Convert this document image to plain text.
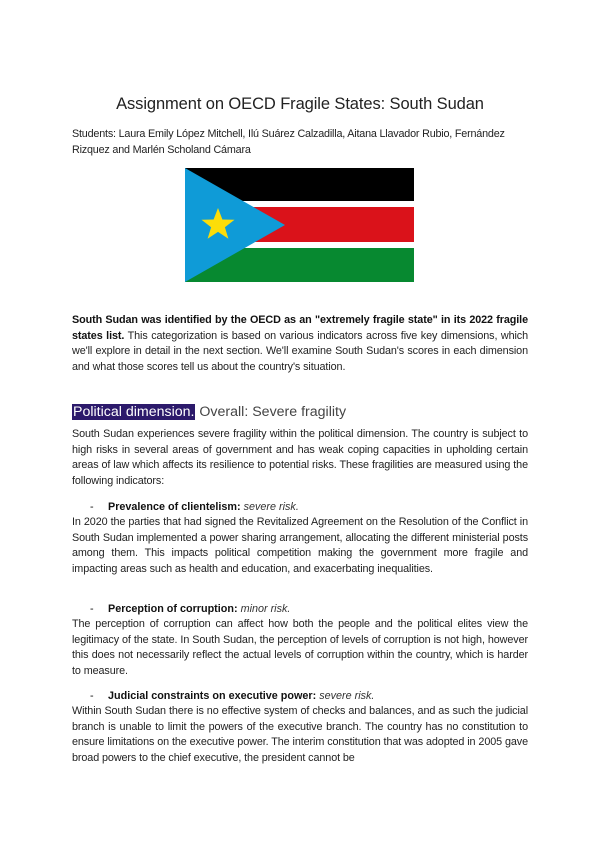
Assignment on OECD Fragile States: South Sudan
Students: Laura Emily López Mitchell, Ilú Suárez Calzadilla, Aitana Llavador Rubio, Fernández Rizquez and Marlén Scholand Cámara
South Sudan was identified by the OECD as an "extremely fragile state" in its 2022 fragile states list. This categorization is based on various indicators across five key dimensions, which we'll explore in detail in the next section. We'll examine South Sudan's scores in each dimension and what those scores tell us about the country's situation.
Political dimension. Overall: Severe fragility
South Sudan experiences severe fragility within the political dimension. The country is subject to high risks in several areas of government and has weak coping capacities in upholding certain areas of law which affects its resilience to potential risks. These fragilities are measured using the following indicators:
- Prevalence of clientelism: severe risk.
In 2020 the parties that had signed the Revitalized Agreement on the Resolution of the Conflict in South Sudan implemented a power sharing arrangement, allocating the different ministerial posts among them. This impacts political competition making the government more fragile and impacting areas such as health and education, and exacerbating inequalities.
- Perception of corruption: minor risk.
The perception of corruption can affect how both the people and the political elites view the legitimacy of the state. In South Sudan, the perception of levels of corruption is not high, however this does not necessarily reflect the actual levels of corruption within the country, which is harder to measure.
- Judicial constraints on executive power: severe risk.
Within South Sudan there is no effective system of checks and balances, and as such the judicial branch is unable to limit the powers of the executive branch. The country has no constitution to ensure limitations on the executive power. The interim constitution that was adopted in 2005 gave broad powers to the chief executive, the president cannot be
